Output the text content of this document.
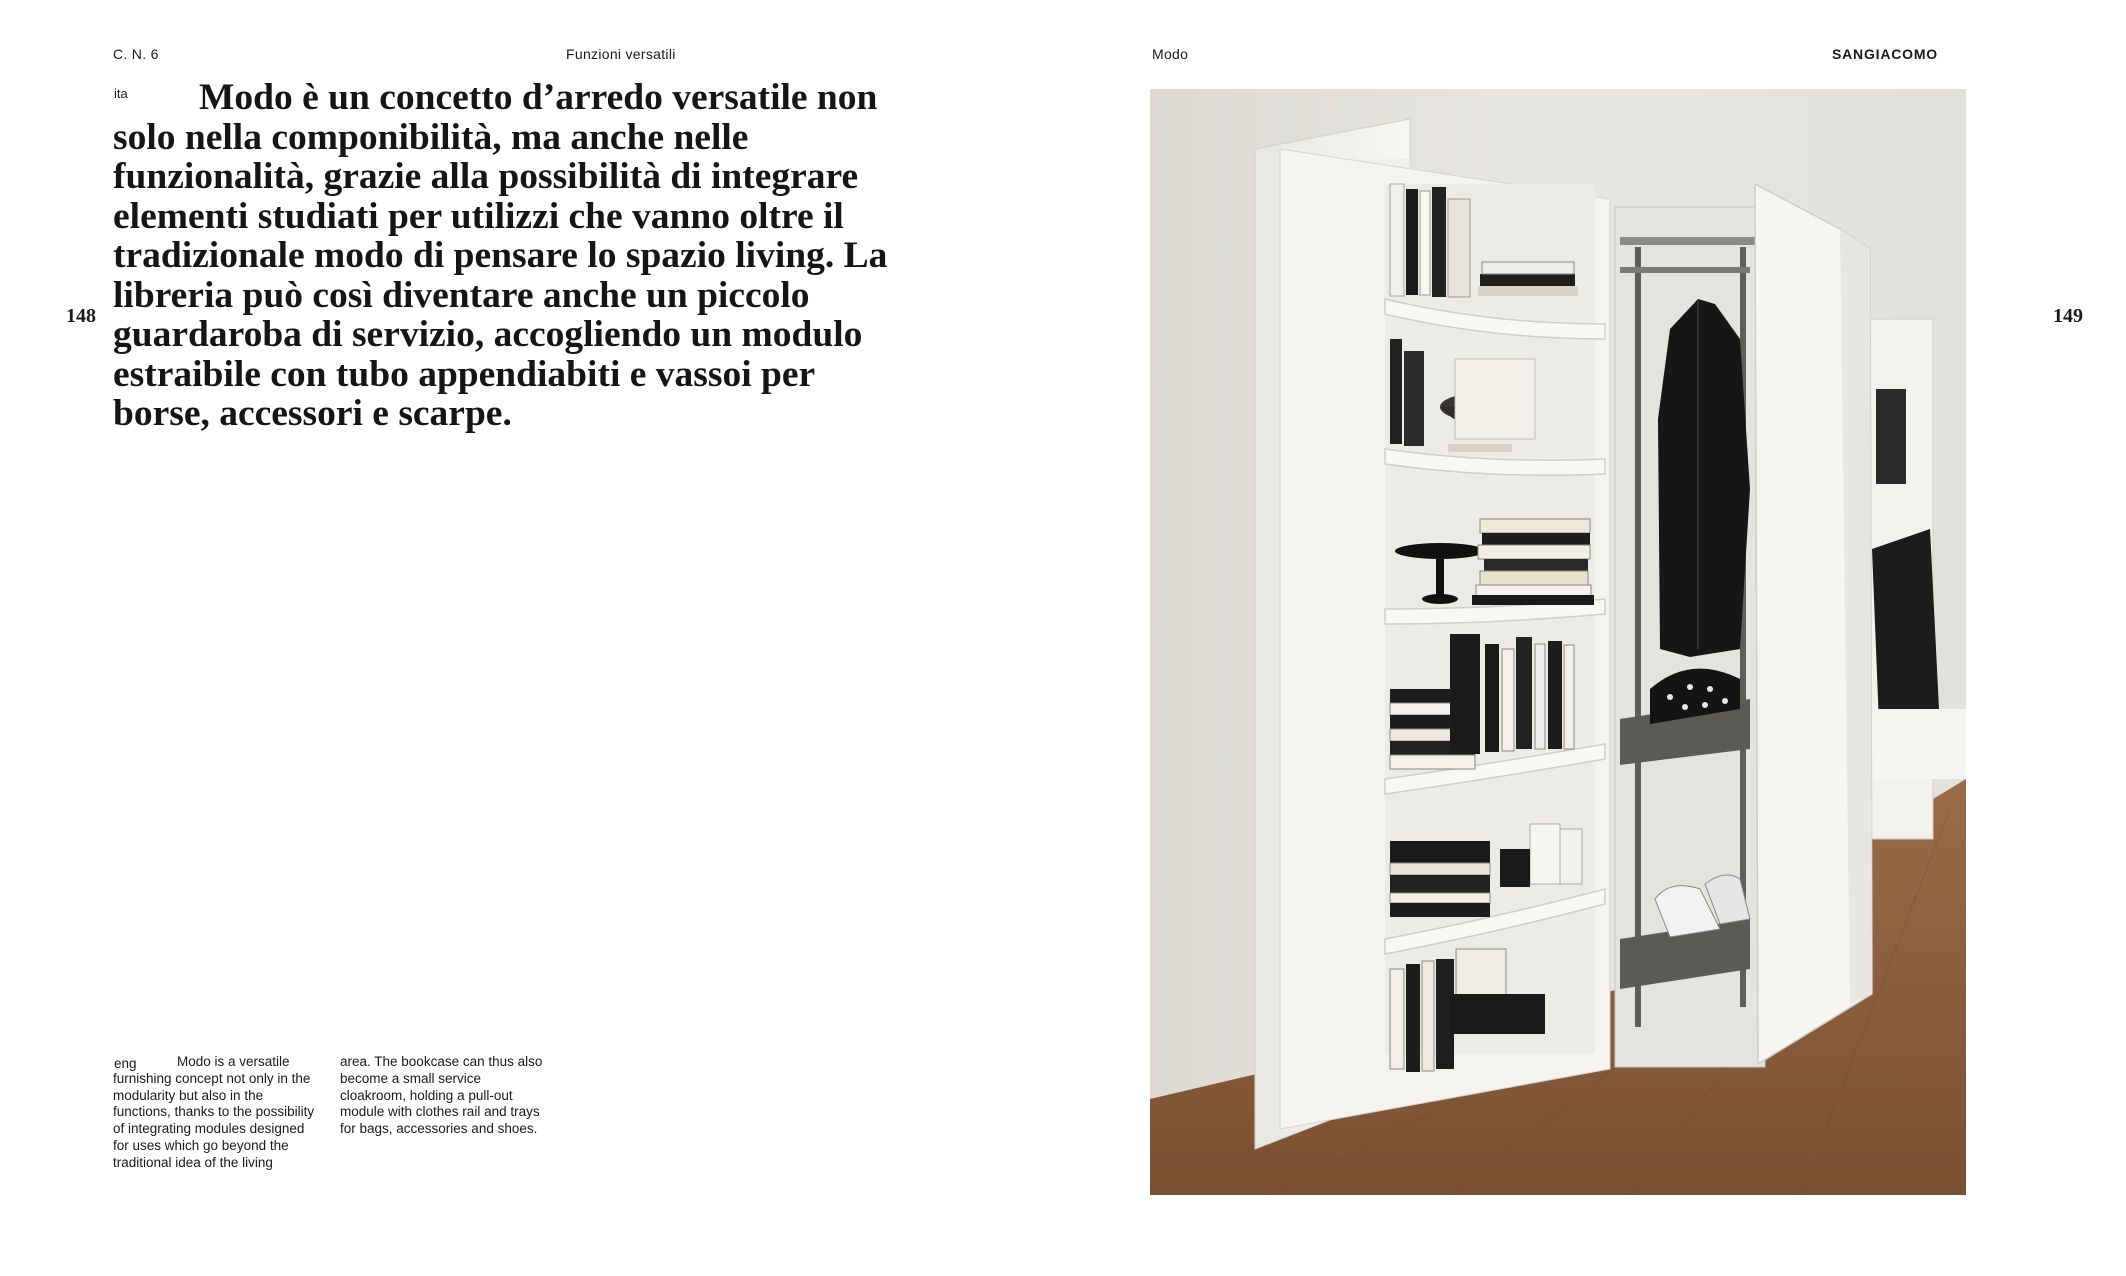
C. N. 6	Funzioni versatili
148
ita	Modo è un concetto d’arredo versatile non solo nella componibilità, ma anche nelle funzionalità, grazie alla possibilità di integrare elementi studiati per utilizzi che vanno oltre il tradizionale modo di pensare lo spazio living. La libreria può così diventare anche un piccolo guardaroba di servizio, accogliendo un modulo estraibile con tubo appendiabiti e vassoi per borse, accessori e scarpe.

eng	Modo is a versatile furnishing concept not only in the modularity but also in the functions, thanks to the possibility of integrating modules designed for uses which go beyond the traditional idea of the living

area. The bookcase can thus also become a small service cloakroom, holding a pull-out module with clothes rail and trays for bags, accessories and shoes.

Modo	SANGIACOMO
149
